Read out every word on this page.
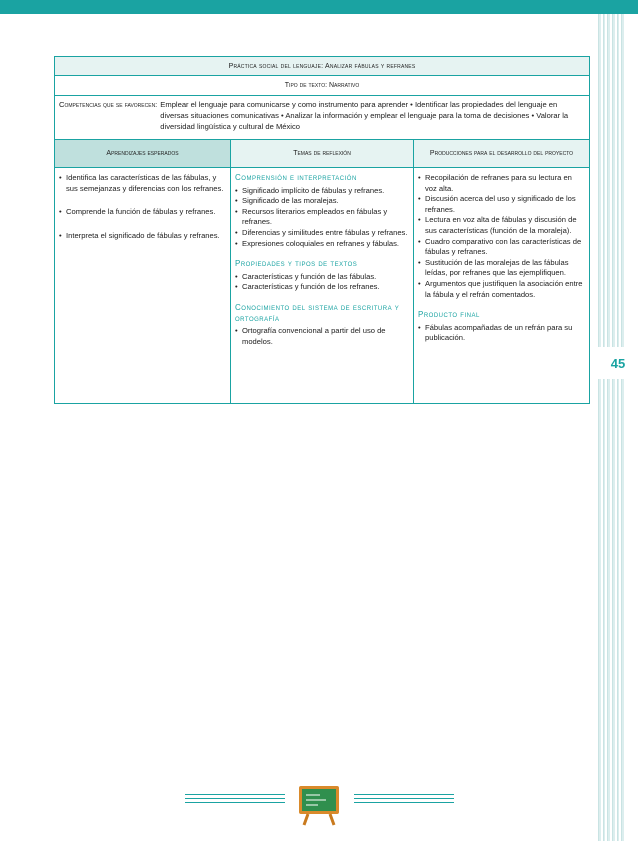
45
Práctica social del lenguaje: Analizar fábulas y refranes
Tipo de texto: Narrativo
Competencias que se favorecen: Emplear el lenguaje para comunicarse y como instrumento para aprender • Identificar las propiedades del lenguaje en diversas situaciones comunicativas • Analizar la información y emplear el lenguaje para la toma de decisiones • Valorar la diversidad lingüística y cultural de México
Aprendizajes esperados	Temas de reflexión	Producciones para el desarrollo del proyecto
• Identifica las características de las fábulas, y sus semejanzas y diferencias con los refranes.
• Comprende la función de fábulas y refranes.
• Interpreta el significado de fábulas y refranes.
Comprensión e interpretación
• Significado implícito de fábulas y refranes.
• Significado de las moralejas.
• Recursos literarios empleados en fábulas y refranes.
• Diferencias y similitudes entre fábulas y refranes.
• Expresiones coloquiales en refranes y fábulas.
Propiedades y tipos de textos
• Características y función de las fábulas.
• Características y función de los refranes.
Conocimiento del sistema de escritura y ortografía
• Ortografía convencional a partir del uso de modelos.
• Recopilación de refranes para su lectura en voz alta.
• Discusión acerca del uso y significado de los refranes.
• Lectura en voz alta de fábulas y discusión de sus características (función de la moraleja).
• Cuadro comparativo con las características de fábulas y refranes.
• Sustitución de las moralejas de las fábulas leídas, por refranes que las ejemplifiquen.
• Argumentos que justifiquen la asociación entre la fábula y el refrán comentados.
Producto final
• Fábulas acompañadas de un refrán para su publicación.
